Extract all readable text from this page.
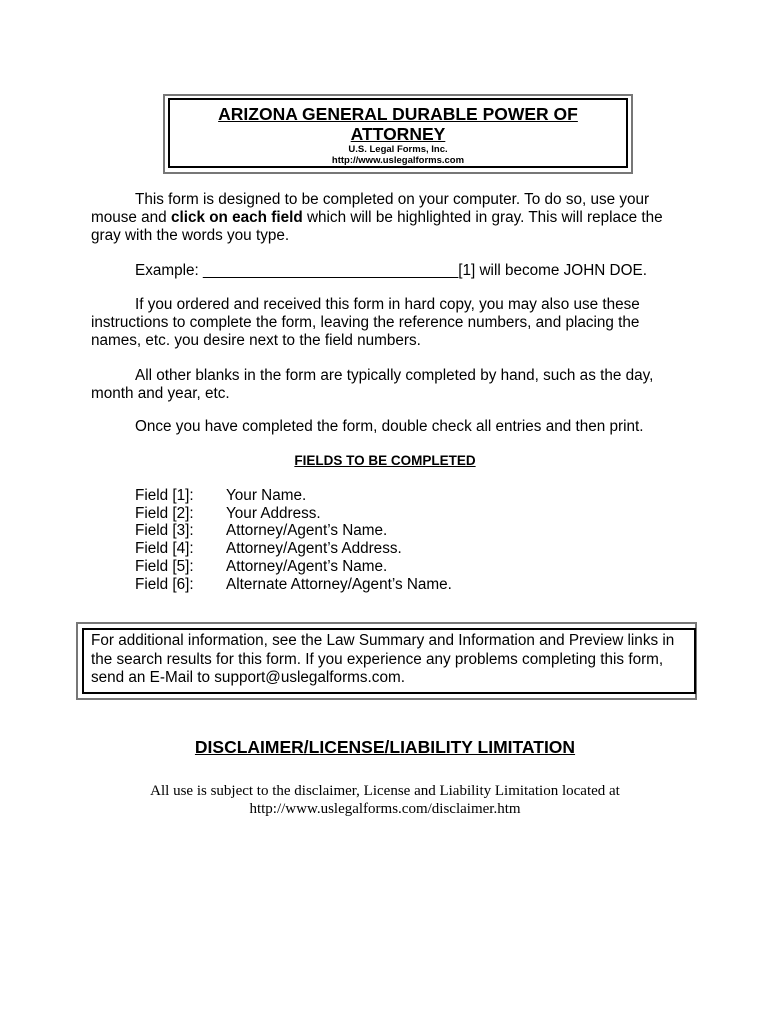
ARIZONA GENERAL DURABLE POWER OF
ATTORNEY
U.S. Legal Forms, Inc.
http://www.uslegalforms.com
This form is designed to be completed on your computer. To do so, use your mouse and click on each field which will be highlighted in gray. This will replace the gray with the words you type.
Example: ______________________________[1] will become JOHN DOE.
If you ordered and received this form in hard copy, you may also use these instructions to complete the form, leaving the reference numbers, and placing the names, etc. you desire next to the field numbers.
All other blanks in the form are typically completed by hand, such as the day, month and year, etc.
Once you have completed the form, double check all entries and then print.
FIELDS TO BE COMPLETED
Field [1]:	Your Name.
Field [2]:	Your Address.
Field [3]:	Attorney/Agent’s Name.
Field [4]:	Attorney/Agent’s Address.
Field [5]:	Attorney/Agent’s Name.
Field [6]:	Alternate Attorney/Agent’s Name.
For additional information, see the Law Summary and Information and Preview links in the search results for this form. If you experience any problems completing this form, send an E-Mail to support@uslegalforms.com.
DISCLAIMER/LICENSE/LIABILITY LIMITATION
All use is subject to the disclaimer, License and Liability Limitation located at
http://www.uslegalforms.com/disclaimer.htm
